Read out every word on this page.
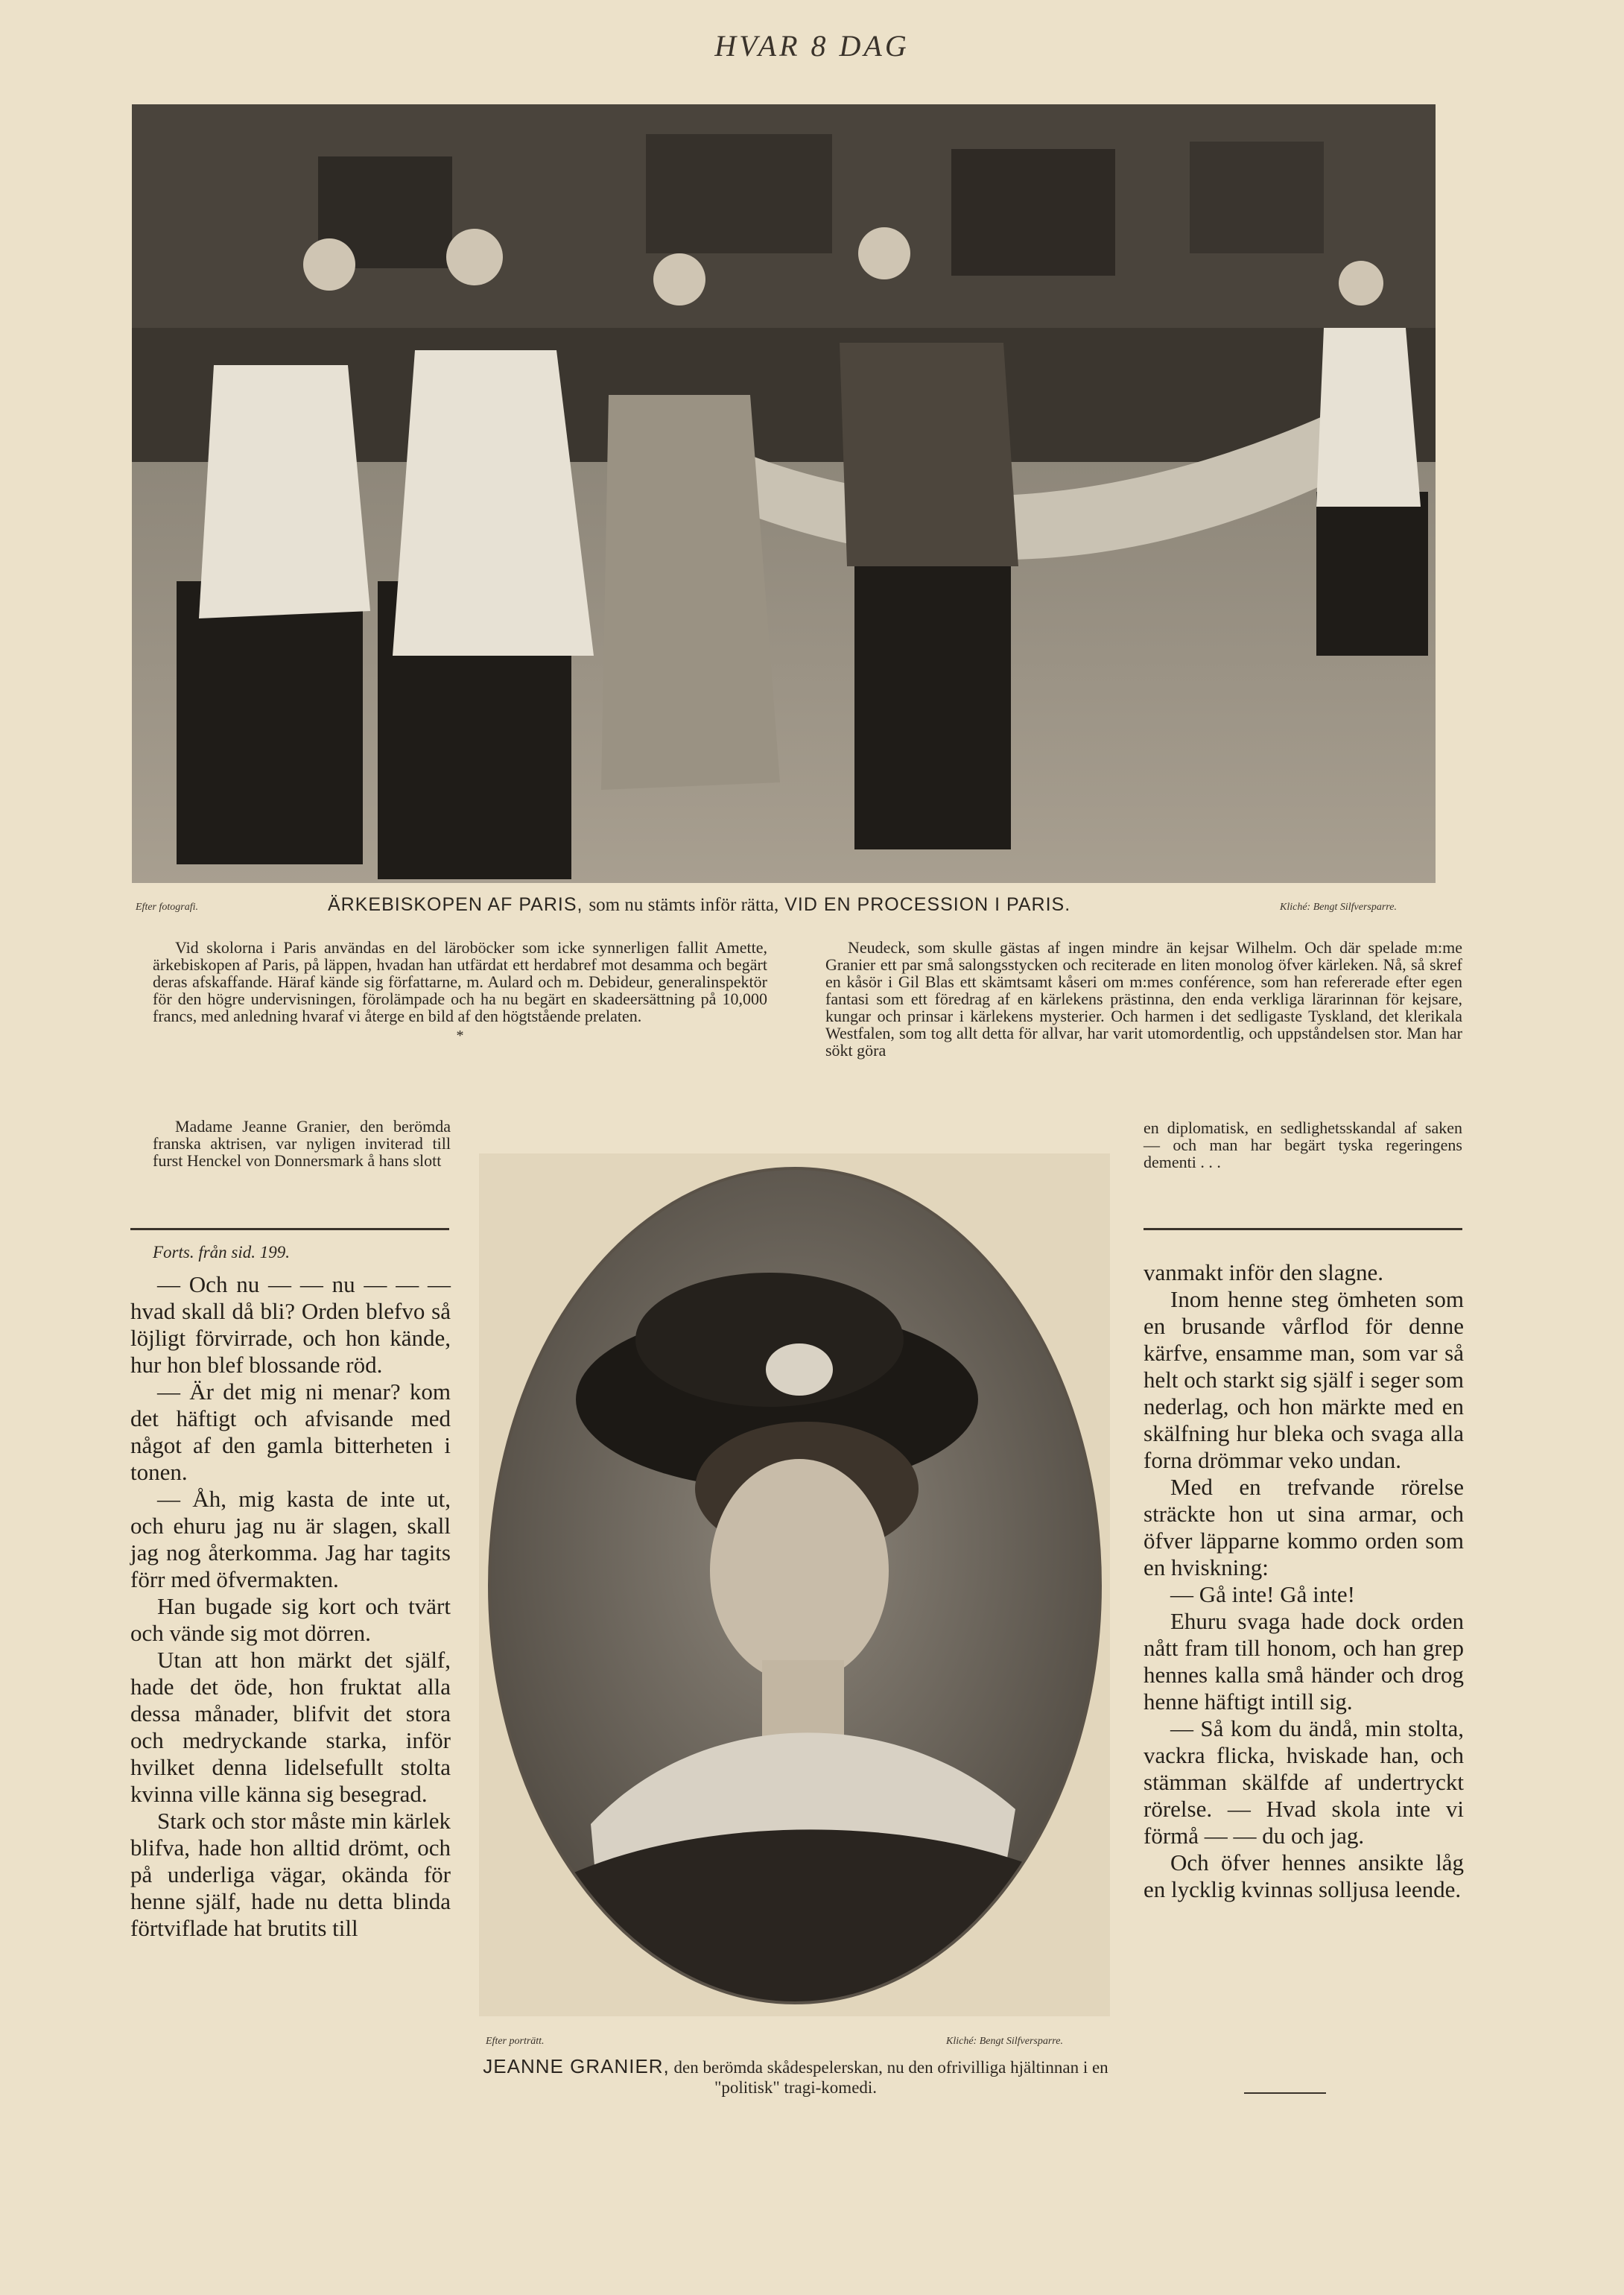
HVAR 8 DAG
Efter fotografi.	Kliché: Bengt Silfversparre.
ÄRKEBISKOPEN AF PARIS, som nu stämts inför rätta, VID EN PROCESSION I PARIS.

Vid skolorna i Paris användas en del läroböcker som icke synnerligen fallit Amette, ärkebiskopen af Paris, på läppen, hvadan han utfärdat ett herdabref mot desamma och begärt deras afskaffande. Häraf kände sig författarne, m. Aulard och m. Debideur, generalinspektör för den högre undervisningen, förolämpade och ha nu begärt en skadeersättning på 10,000 francs, med anledning hvaraf vi återge en bild af den högtstående prelaten.

*

Madame Jeanne Granier, den berömda franska aktrisen, var nyligen inviterad till furst Henckel von Donnersmark å hans slott

Neudeck, som skulle gästas af ingen mindre än kejsar Wilhelm. Och där spelade m:me Granier ett par små salongsstycken och reciterade en liten monolog öfver kärleken. Nå, så skref en kåsör i Gil Blas ett skämtsamt kåseri om m:mes conférence, som han refererade efter egen fantasi som ett föredrag af en kärlekens prästinna, den enda verkliga lärarinnan för kejsare, kungar och prinsar i kärlekens mysterier. Och harmen i det sedligaste Tyskland, det klerikala Westfalen, som tog allt detta för allvar, har varit utomordentlig, och uppståndelsen stor. Man har sökt göra

en diplomatisk, en sedlighetsskandal af saken — och man har begärt tyska regeringens dementi . . .

Forts. från sid. 199.

— Och nu — — nu — — — hvad skall då bli? Orden blefvo så löjligt förvirrade, och hon kände, hur hon blef blossande röd.

— Är det mig ni menar? kom det häftigt och afvisande med något af den gamla bitterheten i tonen.

— Åh, mig kasta de inte ut, och ehuru jag nu är slagen, skall jag nog återkomma. Jag har tagits förr med öfvermakten.

Han bugade sig kort och tvärt och vände sig mot dörren.

Utan att hon märkt det själf, hade det öde, hon fruktat alla dessa månader, blifvit det stora och medryckande starka, inför hvilket denna lidelsefullt stolta kvinna ville känna sig besegrad.

Stark och stor måste min kärlek blifva, hade hon alltid drömt, och på underliga vägar, okända för henne själf, hade nu detta blinda förtviflade hat brutits till

Efter porträtt.	Kliché: Bengt Silfversparre.
JEANNE GRANIER, den berömda skådespelerskan, nu den ofrivilliga hjältinnan i en "politisk" tragi-komedi.

vanmakt inför den slagne.

Inom henne steg ömheten som en brusande vårflod för denne kärfve, ensamme man, som var så helt och starkt sig själf i seger som nederlag, och hon märkte med en skälfning hur bleka och svaga alla forna drömmar veko undan.

Med en trefvande rörelse sträckte hon ut sina armar, och öfver läpparne kommo orden som en hviskning:

— Gå inte! Gå inte!

Ehuru svaga hade dock orden nått fram till honom, och han grep hennes kalla små händer och drog henne häftigt intill sig.

— Så kom du ändå, min stolta, vackra flicka, hviskade han, och stämman skälfde af undertryckt rörelse. — Hvad skola inte vi förmå — — du och jag.

Och öfver hennes ansikte låg en lycklig kvinnas solljusa leende.
